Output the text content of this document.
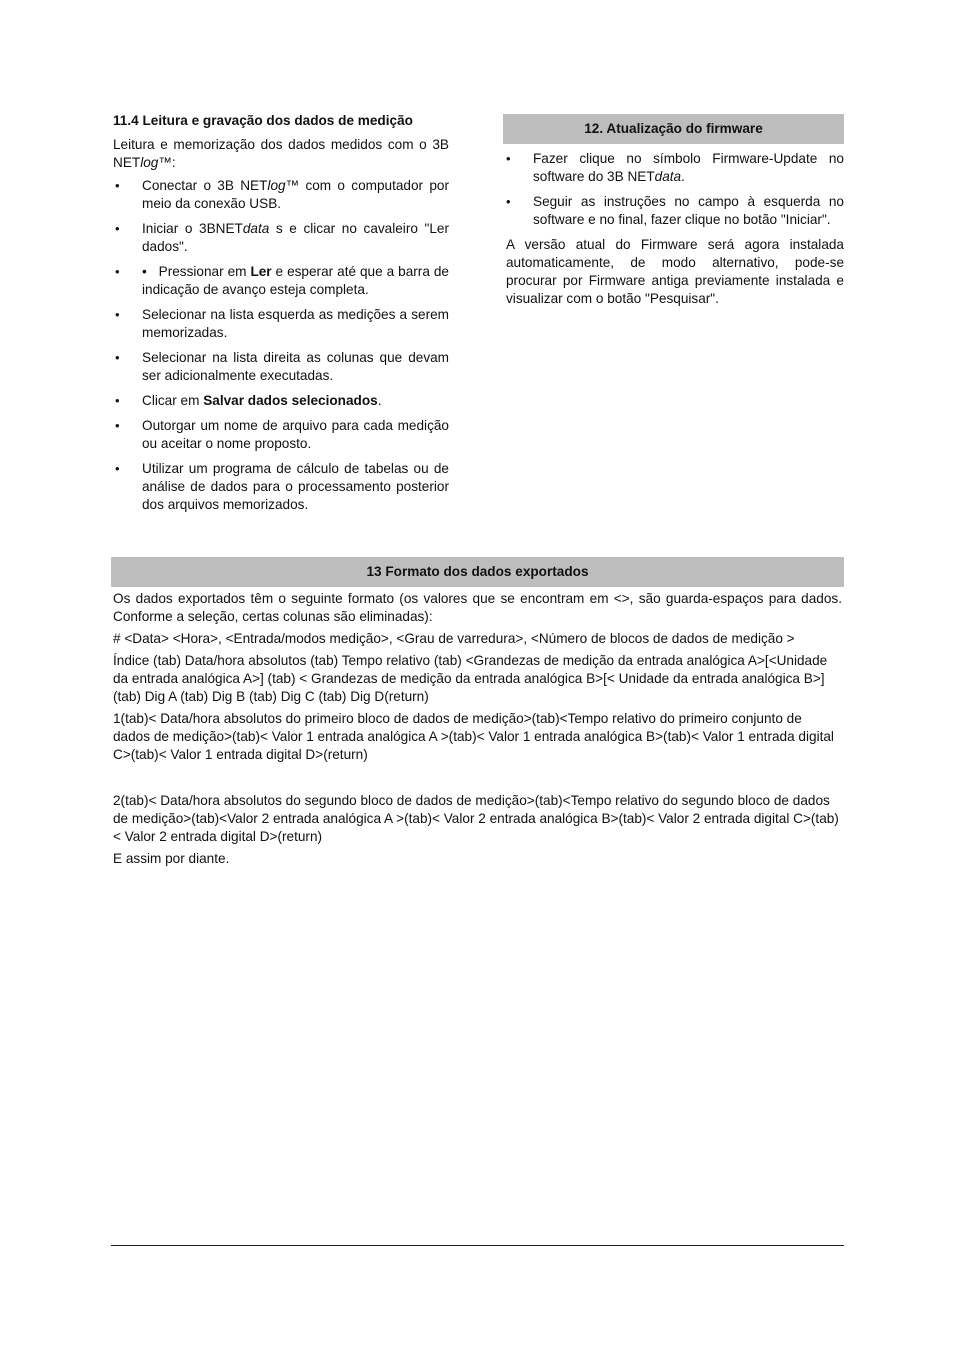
11.4 Leitura e gravação dos dados de medição

Leitura e memorização dos dados medidos com o 3B NETlog™:

• Conectar o 3B NETlog™ com o computador por meio da conexão USB.
• Iniciar o 3BNETdata s e clicar no cavaleiro "Ler dados".
• •   Pressionar em Ler e esperar até que a barra de indicação de avanço esteja completa.
• Selecionar na lista esquerda as medições a serem memorizadas.
• Selecionar na lista direita as colunas que devam ser adicionalmente executadas.
• Clicar em Salvar dados selecionados.
• Outorgar um nome de arquivo para cada medição ou aceitar o nome proposto.
• Utilizar um programa de cálculo de tabelas ou de análise de dados para o processamento posterior dos arquivos memorizados.
12. Atualização do firmware
• Fazer clique no símbolo Firmware-Update no software do 3B NETdata.
• Seguir as instruções no campo à esquerda no software e no final, fazer clique no botão "Iniciar".

A versão atual do Firmware será agora instalada automaticamente, de modo alternativo, pode-se procurar por Firmware antiga previamente instalada e visualizar com o botão "Pesquisar".

13 Formato dos dados exportados

Os dados exportados têm o seguinte formato (os valores que se encontram em <>, são guarda-espaços para dados. Conforme a seleção, certas colunas são eliminadas):

# <Data> <Hora>, <Entrada/modos medição>, <Grau de varredura>, <Número de blocos de dados de medição >

Índice (tab) Data/hora absolutos (tab) Tempo relativo (tab) <Grandezas de medição da entrada analógica A>[<Unidade da entrada analógica A>] (tab) < Grandezas de medição da entrada analógica B>[< Unidade da entrada analógica B>] (tab) Dig A (tab) Dig B (tab) Dig C (tab) Dig D(return)

1(tab)< Data/hora absolutos do primeiro bloco de dados de medição>(tab)<Tempo relativo do primeiro conjunto de dados de medição>(tab)< Valor 1 entrada analógica A >(tab)< Valor 1 entrada analógica B>(tab)< Valor 1 entrada digital C>(tab)< Valor 1 entrada digital D>(return)

2(tab)< Data/hora absolutos do segundo bloco de dados de medição>(tab)<Tempo relativo do segundo bloco de dados de medição>(tab)<Valor 2 entrada analógica A >(tab)< Valor 2 entrada analógica B>(tab)< Valor 2 entrada digital C>(tab)< Valor 2 entrada digital D>(return)

E assim por diante.
